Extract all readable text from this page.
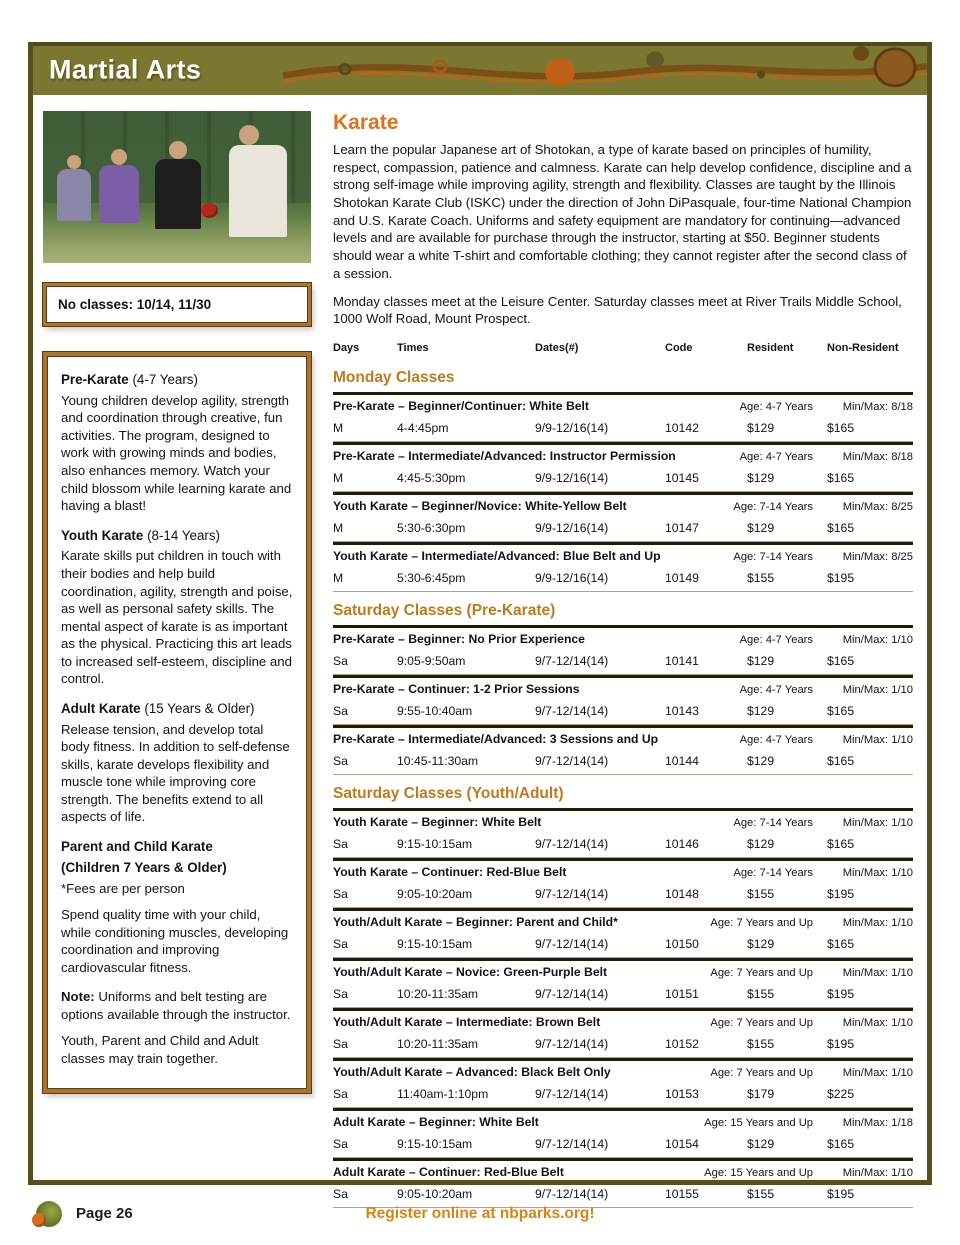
Martial Arts
No classes: 10/14, 11/30

Pre-Karate (4-7 Years)

Young children develop agility, strength and coordination through creative, fun activities. The program, designed to work with growing minds and bodies, also enhances memory. Watch your child blossom while learning karate and having a blast!

Youth Karate (8-14 Years)

Karate skills put children in touch with their bodies and help build coordination, agility, strength and poise, as well as personal safety skills. The mental aspect of karate is as important as the physical. Practicing this art leads to increased self-esteem, discipline and control.

Adult Karate (15 Years & Older)

Release tension, and develop total body fitness. In addition to self-defense skills, karate develops flexibility and muscle tone while improving core strength. The benefits extend to all aspects of life.

Parent and Child Karate

(Children 7 Years & Older)

*Fees are per person

Spend quality time with your child, while conditioning muscles, developing coordination and improving cardiovascular fitness.

Note: Uniforms and belt testing are options available through the instructor.

Youth, Parent and Child and Adult classes may train together.

Karate

Learn the popular Japanese art of Shotokan, a type of karate based on principles of humility, respect, compassion, patience and calmness. Karate can help develop confidence, discipline and a strong self-image while improving agility, strength and flexibility. Classes are taught by the Illinois Shotokan Karate Club (ISKC) under the direction of John DiPasquale, four-time National Champion and U.S. Karate Coach. Uniforms and safety equipment are mandatory for continuing—advanced levels and are available for purchase through the instructor, starting at $50. Beginner students should wear a white T-shirt and comfortable clothing; they cannot register after the second class of a session.

Monday classes meet at the Leisure Center. Saturday classes meet at River Trails Middle School, 1000 Wolf Road, Mount Prospect.

Days	Times	Dates(#)	Code	Resident	Non-Resident
Monday Classes
Pre-Karate – Beginner/Continuer: White Belt	Age: 4-7 Years	Min/Max: 8/18
M	4-4:45pm	9/9-12/16(14)	10142	$129	$165
Pre-Karate – Intermediate/Advanced: Instructor Permission	Age: 4-7 Years	Min/Max: 8/18
M	4:45-5:30pm	9/9-12/16(14)	10145	$129	$165
Youth Karate – Beginner/Novice: White-Yellow Belt	Age: 7-14 Years	Min/Max: 8/25
M	5:30-6:30pm	9/9-12/16(14)	10147	$129	$165
Youth Karate – Intermediate/Advanced: Blue Belt and Up	Age: 7-14 Years	Min/Max: 8/25
M	5:30-6:45pm	9/9-12/16(14)	10149	$155	$195
Saturday Classes (Pre-Karate)
Pre-Karate – Beginner: No Prior Experience	Age: 4-7 Years	Min/Max: 1/10
Sa	9:05-9:50am	9/7-12/14(14)	10141	$129	$165
Pre-Karate – Continuer: 1-2 Prior Sessions	Age: 4-7 Years	Min/Max: 1/10
Sa	9:55-10:40am	9/7-12/14(14)	10143	$129	$165
Pre-Karate – Intermediate/Advanced: 3 Sessions and Up	Age: 4-7 Years	Min/Max: 1/10
Sa	10:45-11:30am	9/7-12/14(14)	10144	$129	$165
Saturday Classes (Youth/Adult)
Youth Karate – Beginner: White Belt	Age: 7-14 Years	Min/Max: 1/10
Sa	9:15-10:15am	9/7-12/14(14)	10146	$129	$165
Youth Karate – Continuer: Red-Blue Belt	Age: 7-14 Years	Min/Max: 1/10
Sa	9:05-10:20am	9/7-12/14(14)	10148	$155	$195
Youth/Adult Karate – Beginner: Parent and Child*	Age: 7 Years and Up	Min/Max: 1/10
Sa	9:15-10:15am	9/7-12/14(14)	10150	$129	$165
Youth/Adult Karate – Novice: Green-Purple Belt	Age: 7 Years and Up	Min/Max: 1/10
Sa	10:20-11:35am	9/7-12/14(14)	10151	$155	$195
Youth/Adult Karate – Intermediate: Brown Belt	Age: 7 Years and Up	Min/Max: 1/10
Sa	10:20-11:35am	9/7-12/14(14)	10152	$155	$195
Youth/Adult Karate – Advanced: Black Belt Only	Age: 7 Years and Up	Min/Max: 1/10
Sa	11:40am-1:10pm	9/7-12/14(14)	10153	$179	$225
Adult Karate – Beginner: White Belt	Age: 15 Years and Up	Min/Max: 1/18
Sa	9:15-10:15am	9/7-12/14(14)	10154	$129	$165
Adult Karate – Continuer: Red-Blue Belt	Age: 15 Years and Up	Min/Max: 1/10
Sa	9:05-10:20am	9/7-12/14(14)	10155	$155	$195
Page 26	Register online at nbparks.org!
